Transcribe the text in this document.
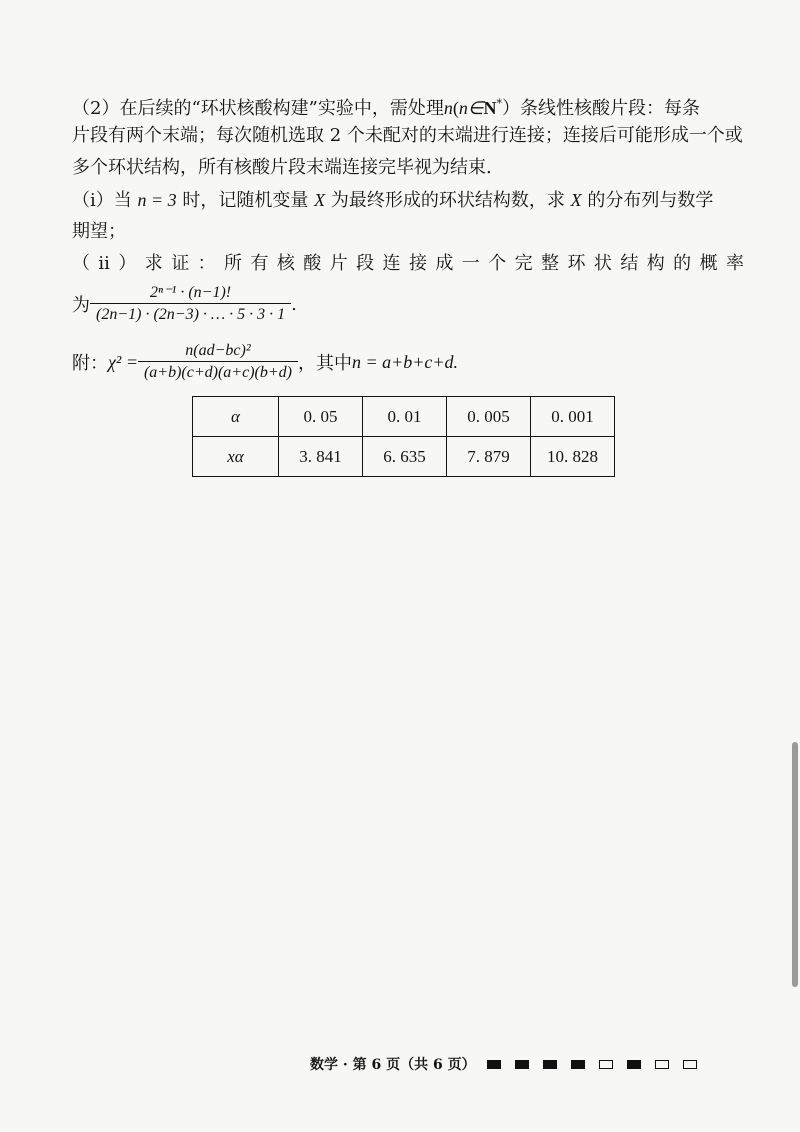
（2）在后续的“环状核酸构建”实验中，需处理n(n∈N*）条线性核酸片段：每条
片段有两个末端；每次随机选取 2 个未配对的末端进行连接；连接后可能形成一个或
多个环状结构，所有核酸片段末端连接完毕视为结束.
（ⅰ）当 n = 3 时，记随机变量 X 为最终形成的环状结构数，求 X 的分布列与数学
期望；
（ⅱ）求证：所有核酸片段连接成一个完整环状结构的概率
为 $\frac{\text{2ⁿ⁻¹ · (n−1)!}}{(2n-1) \cdot (2n-3) \cdot \dots \cdot 5 \cdot 3 \cdot 1}$ .
附： $\chi^2 = \frac{\text{n(ad−bc)²}}{(a+b)(c+d)(a+c)(b+d)}$ ，其中 n = a+b+c+d.
α	0. 05	0. 01	0. 005	0. 001
xα	3. 841	6. 635	7. 879	10. 828
数学 · 第 6 页（共 6 页）
